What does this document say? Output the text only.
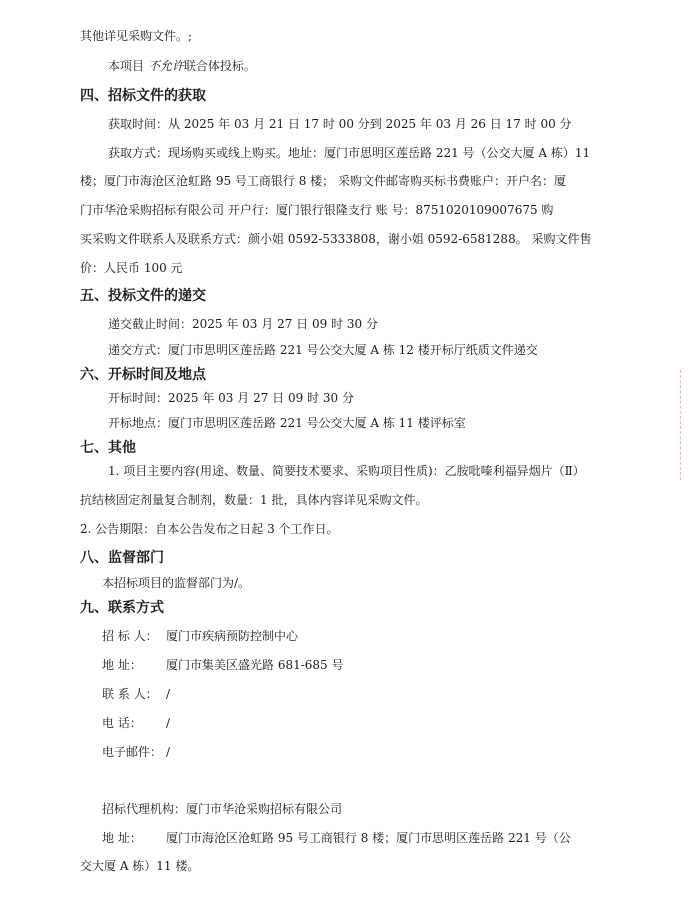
其他详见采购文件。;
本项目 不允许联合体投标。
四、招标文件的获取
获取时间：从 2025 年 03 月 21 日 17 时 00 分到 2025 年 03 月 26 日 17 时 00 分
获取方式：现场购买或线上购买。地址：厦门市思明区莲岳路 221 号（公交大厦 A 栋）11
楼；厦门市海沧区沧虹路 95 号工商银行 8 楼； 采购文件邮寄购买标书费账户：开户名：厦
门市华沧采购招标有限公司 开户行：厦门银行银隆支行 账 号：8751020109007675 购
买采购文件联系人及联系方式：颜小姐 0592-5333808，谢小姐 0592-6581288。 采购文件售
价：人民币 100 元
五、投标文件的递交
递交截止时间：2025 年 03 月 27 日 09 时 30 分
递交方式：厦门市思明区莲岳路 221 号公交大厦 A 栋 12 楼开标厅纸质文件递交
六、开标时间及地点
开标时间：2025 年 03 月 27 日 09 时 30 分
开标地点：厦门市思明区莲岳路 221 号公交大厦 A 栋 11 楼评标室
七、其他
1. 项目主要内容(用途、数量、简要技术要求、采购项目性质)：乙胺吡嗪利福异烟片（Ⅱ）
抗结核固定剂量复合制剂，数量：1 批，具体内容详见采购文件。
2. 公告期限：自本公告发布之日起 3 个工作日。
八、监督部门
本招标项目的监督部门为/。
九、联系方式
招 标 人： 厦门市疾病预防控制中心
地 址： 厦门市集美区盛光路 681-685 号
联 系 人： /
电 话： /
电子邮件： /
招标代理机构：厦门市华沧采购招标有限公司
地 址： 厦门市海沧区沧虹路 95 号工商银行 8 楼；厦门市思明区莲岳路 221 号（公
交大厦 A 栋）11 楼。
